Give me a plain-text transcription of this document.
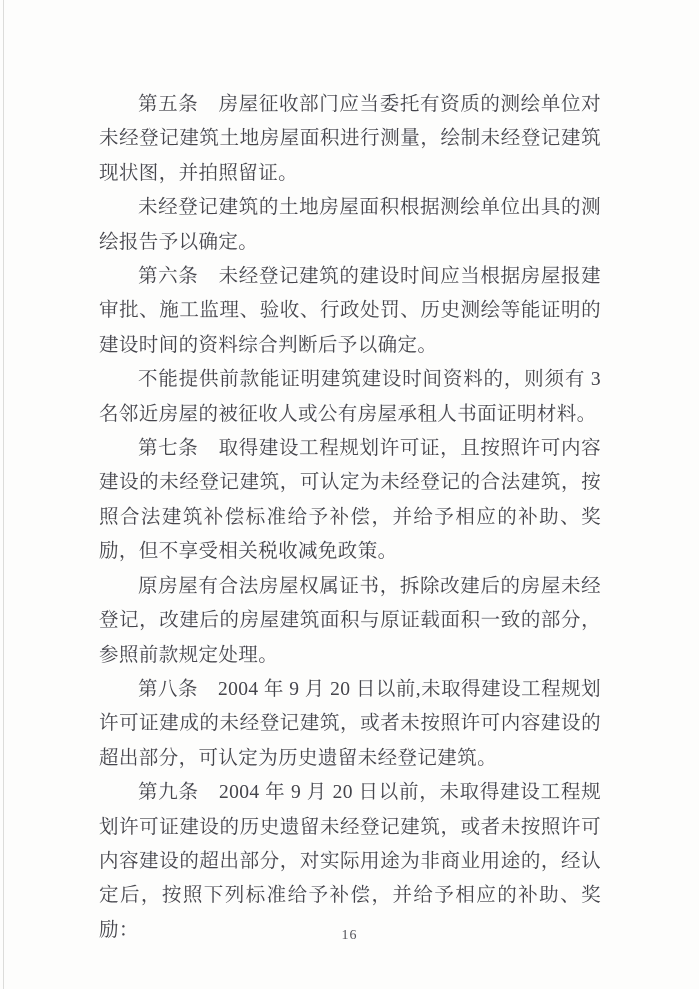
第五条　房屋征收部门应当委托有资质的测绘单位对未经登记建筑土地房屋面积进行测量，绘制未经登记建筑现状图，并拍照留证。

未经登记建筑的土地房屋面积根据测绘单位出具的测绘报告予以确定。

第六条　未经登记建筑的建设时间应当根据房屋报建审批、施工监理、验收、行政处罚、历史测绘等能证明的建设时间的资料综合判断后予以确定。

不能提供前款能证明建筑建设时间资料的，则须有 3 名邻近房屋的被征收人或公有房屋承租人书面证明材料。

第七条　取得建设工程规划许可证，且按照许可内容建设的未经登记建筑，可认定为未经登记的合法建筑，按照合法建筑补偿标准给予补偿，并给予相应的补助、奖励，但不享受相关税收减免政策。

原房屋有合法房屋权属证书，拆除改建后的房屋未经登记，改建后的房屋建筑面积与原证载面积一致的部分，参照前款规定处理。

第八条　2004 年 9 月 20 日以前,未取得建设工程规划许可证建成的未经登记建筑，或者未按照许可内容建设的超出部分，可认定为历史遗留未经登记建筑。

第九条　2004 年 9 月 20 日以前，未取得建设工程规划许可证建设的历史遗留未经登记建筑，或者未按照许可内容建设的超出部分，对实际用途为非商业用途的，经认定后，按照下列标准给予补偿，并给予相应的补助、奖励：	16
